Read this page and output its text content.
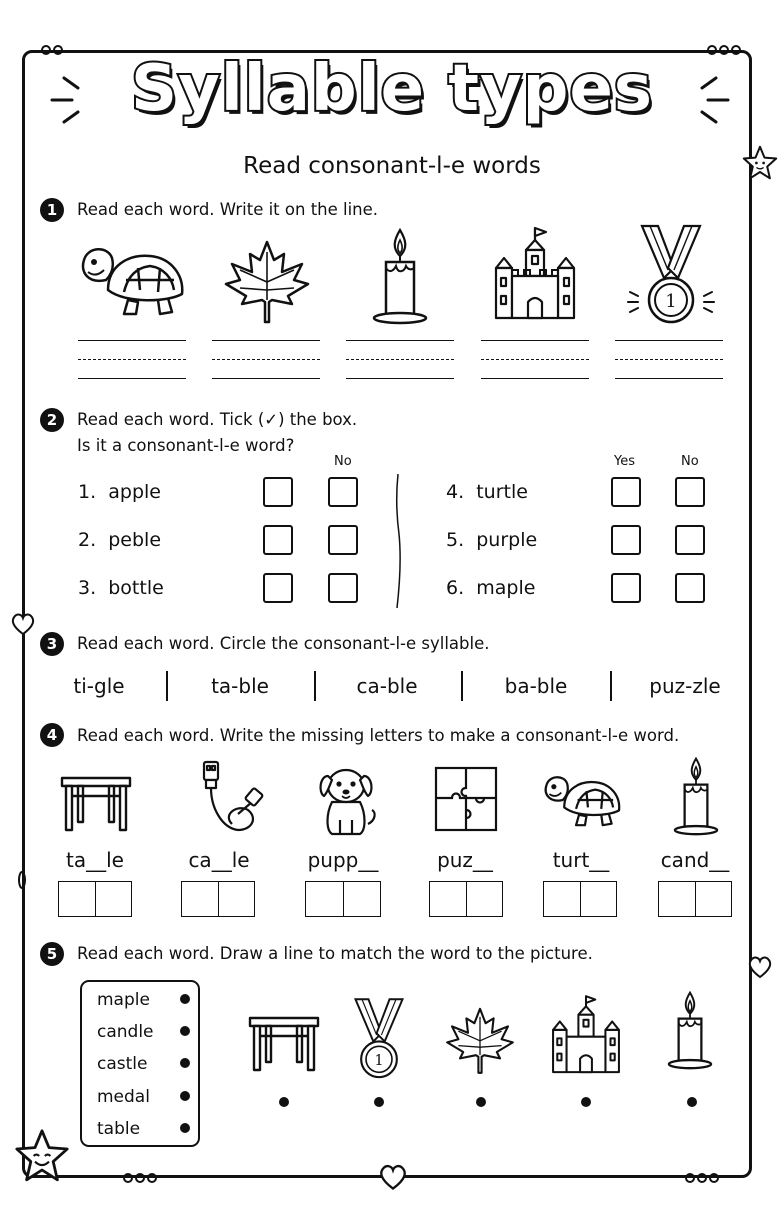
Syllable types
Read consonant-l-e words
1	Read each word. Write it on the line.
1
2	Read each word. Tick (✓) the box.
Is it a consonant-l-e word?
No	Yes	No
1. apple
2. peble
3. bottle
4. turtle
5. purple
6. maple
3	Read each word. Circle the consonant-l-e syllable.
ti-gle	ta-ble	ca-ble	ba-ble	puz-zle
4	Read each word. Write the missing letters to make a consonant-l-e word.
ta__le	ca__le	pupp__	puz__	turt__	cand__
5	Read each word. Draw a line to match the word to the picture.
maple
candle
castle
medal
table
1
